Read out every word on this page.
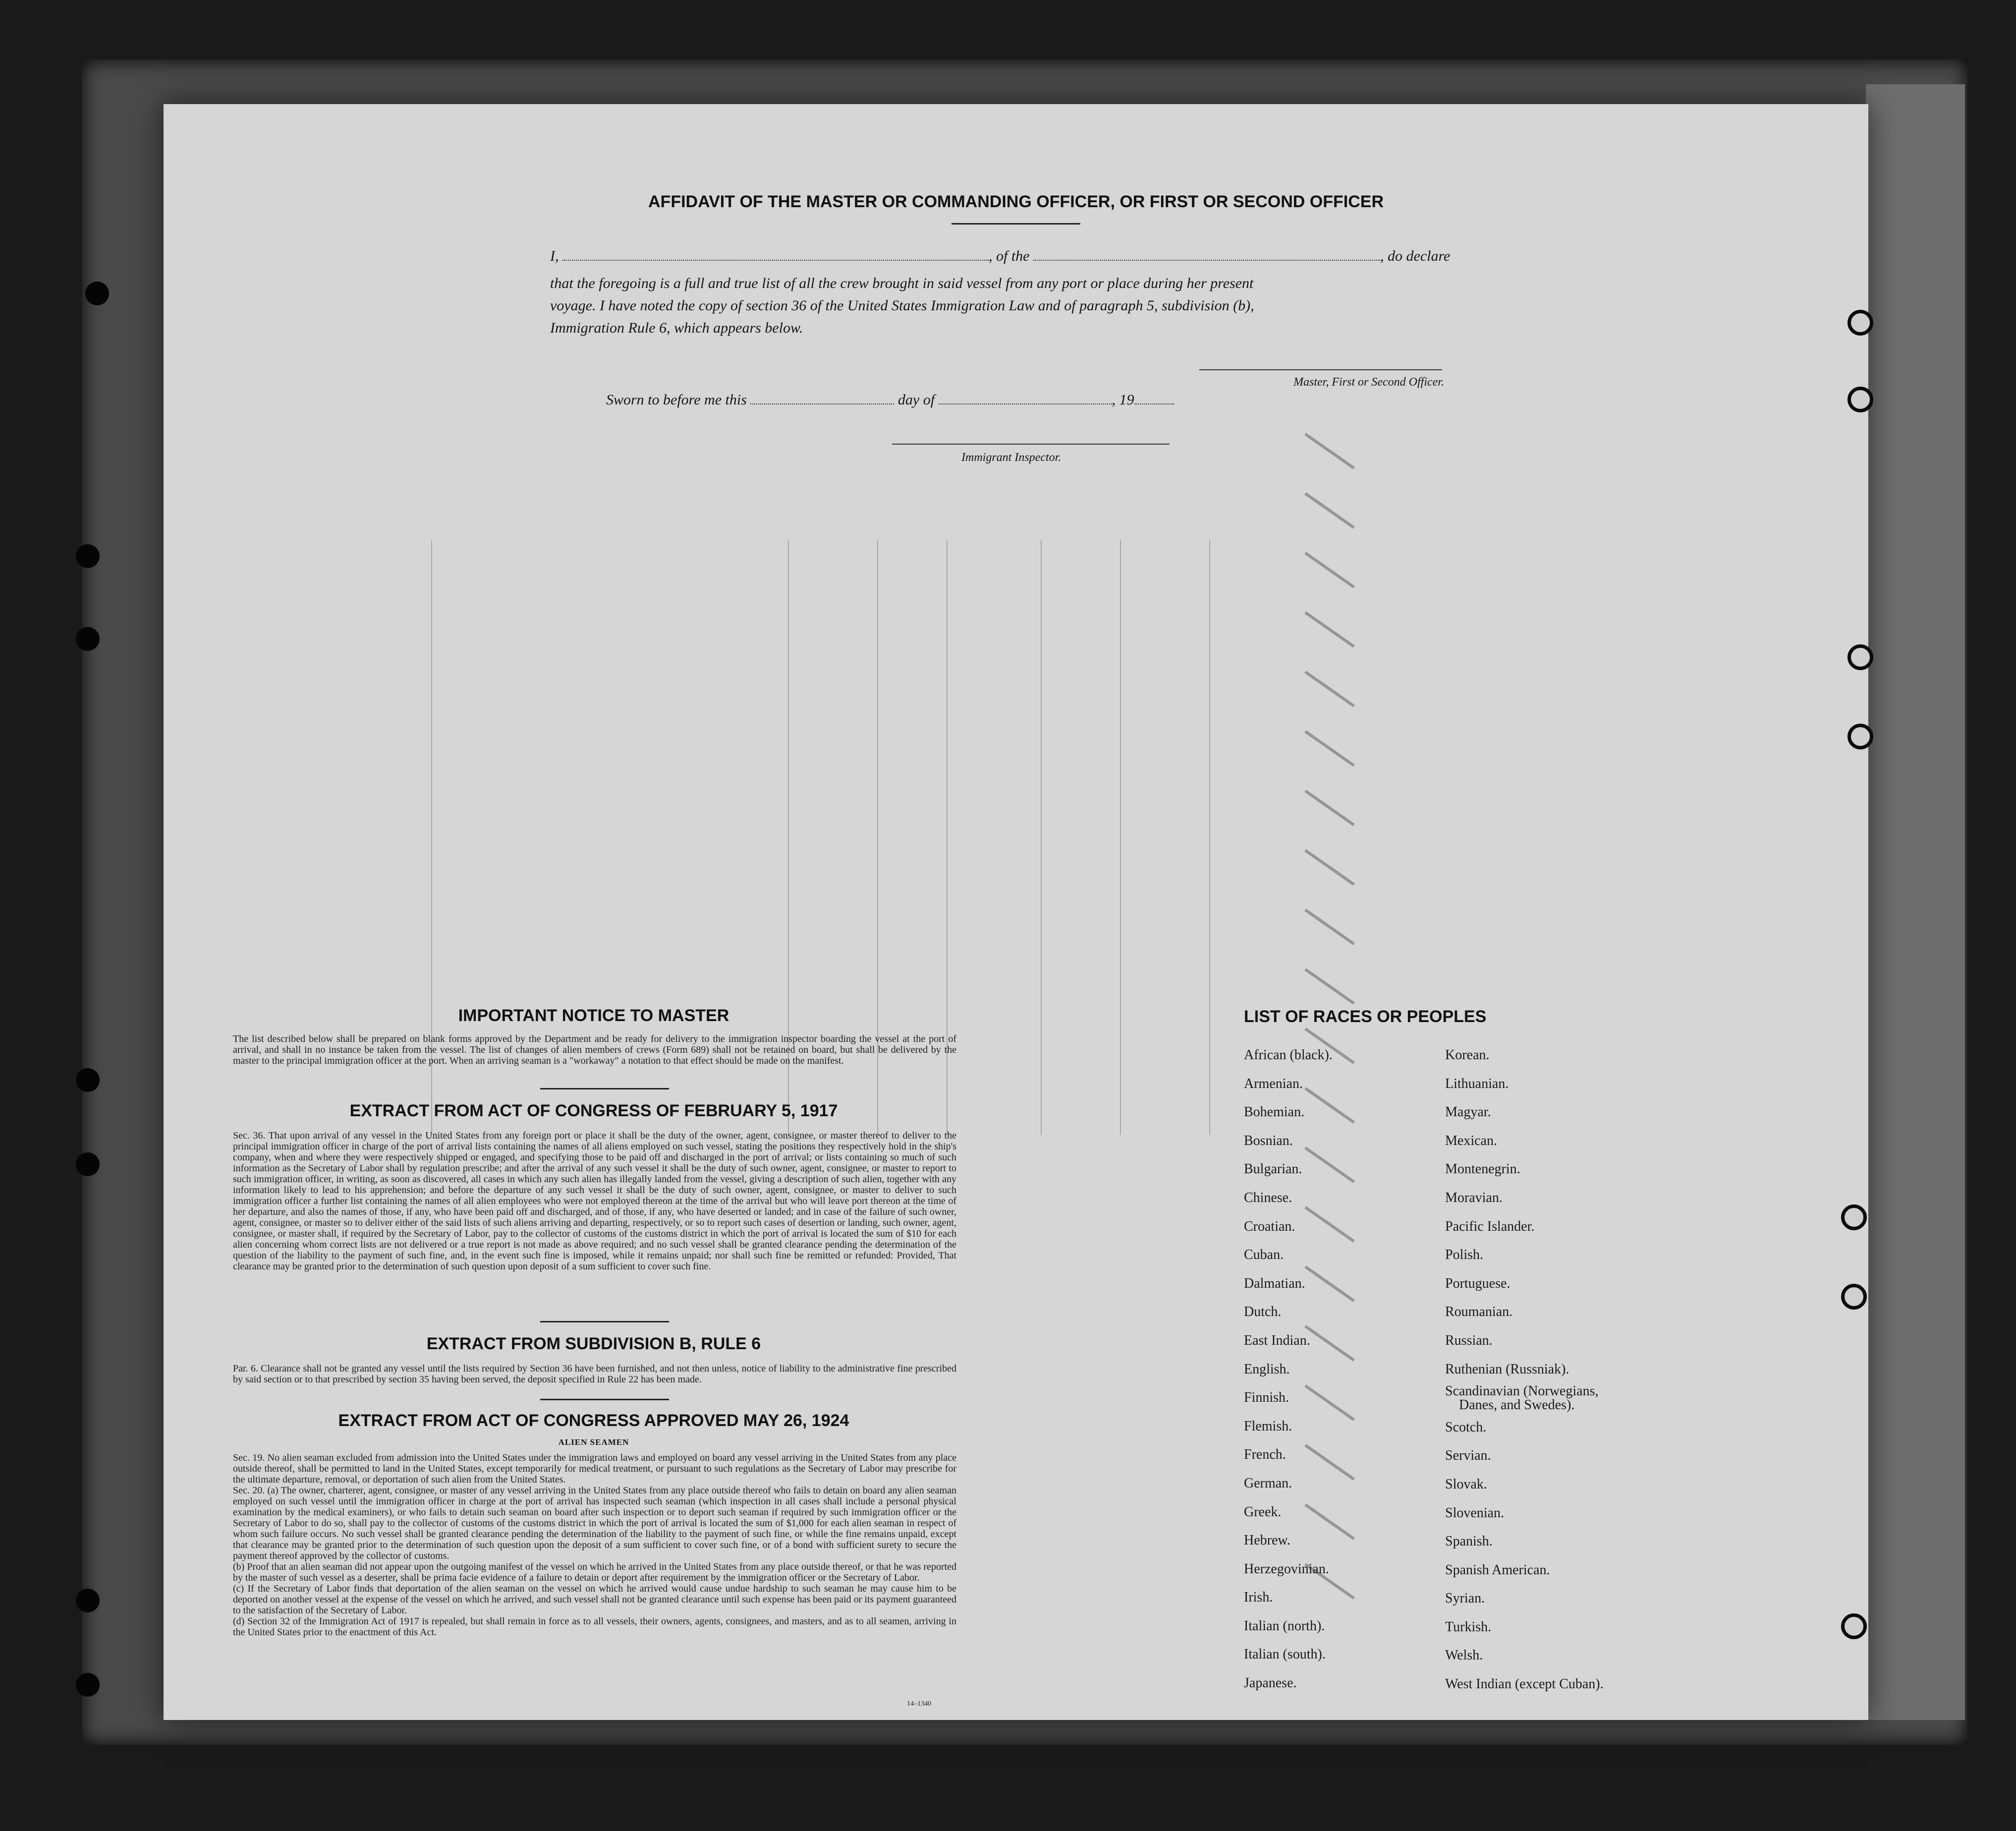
AFFIDAVIT OF THE MASTER OR COMMANDING OFFICER, OR FIRST OR SECOND OFFICER
I,	, of the	, do declare
that the foregoing is a full and true list of all the crew brought in said vessel from any port or place during her present
voyage. I have noted the copy of section 36 of the United States Immigration Law and of paragraph 5, subdivision (b),
Immigration Rule 6, which appears below.
Master, First or Second Officer.
Sworn to before me this	day of	, 19
Immigrant Inspector.
IMPORTANT NOTICE TO MASTER
The list described below shall be prepared on blank forms approved by the Department and be ready for delivery to the immigration inspector boarding the vessel at the port of arrival, and shall in no instance be taken from the vessel. The list of changes of alien members of crews (Form 689) shall not be retained on board, but shall be delivered by the master to the principal immigration officer at the port. When an arriving seaman is a "workaway" a notation to that effect should be made on the manifest.
EXTRACT FROM ACT OF CONGRESS OF FEBRUARY 5, 1917
Sec. 36. That upon arrival of any vessel in the United States from any foreign port or place it shall be the duty of the owner, agent, consignee, or master thereof to deliver to the principal immigration officer in charge of the port of arrival lists containing the names of all aliens employed on such vessel, stating the positions they respectively hold in the ship's company, when and where they were respectively shipped or engaged, and specifying those to be paid off and discharged in the port of arrival; or lists containing so much of such information as the Secretary of Labor shall by regulation prescribe; and after the arrival of any such vessel it shall be the duty of such owner, agent, consignee, or master to report to such immigration officer, in writing, as soon as discovered, all cases in which any such alien has illegally landed from the vessel, giving a description of such alien, together with any information likely to lead to his apprehension; and before the departure of any such vessel it shall be the duty of such owner, agent, consignee, or master to deliver to such immigration officer a further list containing the names of all alien employees who were not employed thereon at the time of the arrival but who will leave port thereon at the time of her departure, and also the names of those, if any, who have been paid off and discharged, and of those, if any, who have deserted or landed; and in case of the failure of such owner, agent, consignee, or master so to deliver either of the said lists of such aliens arriving and departing, respectively, or so to report such cases of desertion or landing, such owner, agent, consignee, or master shall, if required by the Secretary of Labor, pay to the collector of customs of the customs district in which the port of arrival is located the sum of $10 for each alien concerning whom correct lists are not delivered or a true report is not made as above required; and no such vessel shall be granted clearance pending the determination of the question of the liability to the payment of such fine, and, in the event such fine is imposed, while it remains unpaid; nor shall such fine be remitted or refunded: Provided, That clearance may be granted prior to the determination of such question upon deposit of a sum sufficient to cover such fine.
EXTRACT FROM SUBDIVISION B, RULE 6
Par. 6. Clearance shall not be granted any vessel until the lists required by Section 36 have been furnished, and not then unless, notice of liability to the administrative fine prescribed by said section or to that prescribed by section 35 having been served, the deposit specified in Rule 22 has been made.
EXTRACT FROM ACT OF CONGRESS APPROVED MAY 26, 1924
ALIEN SEAMEN
Sec. 19. No alien seaman excluded from admission into the United States under the immigration laws and employed on board any vessel arriving in the United States from any place outside thereof, shall be permitted to land in the United States, except temporarily for medical treatment, or pursuant to such regulations as the Secretary of Labor may prescribe for the ultimate departure, removal, or deportation of such alien from the United States.
Sec. 20. (a) The owner, charterer, agent, consignee, or master of any vessel arriving in the United States from any place outside thereof who fails to detain on board any alien seaman employed on such vessel until the immigration officer in charge at the port of arrival has inspected such seaman (which inspection in all cases shall include a personal physical examination by the medical examiners), or who fails to detain such seaman on board after such inspection or to deport such seaman if required by such immigration officer or the Secretary of Labor to do so, shall pay to the collector of customs of the customs district in which the port of arrival is located the sum of $1,000 for each alien seaman in respect of whom such failure occurs. No such vessel shall be granted clearance pending the determination of the liability to the payment of such fine, or while the fine remains unpaid, except that clearance may be granted prior to the determination of such question upon the deposit of a sum sufficient to cover such fine, or of a bond with sufficient surety to secure the payment thereof approved by the collector of customs.
(b) Proof that an alien seaman did not appear upon the outgoing manifest of the vessel on which he arrived in the United States from any place outside thereof, or that he was reported by the master of such vessel as a deserter, shall be prima facie evidence of a failure to detain or deport after requirement by the immigration officer or the Secretary of Labor.
(c) If the Secretary of Labor finds that deportation of the alien seaman on the vessel on which he arrived would cause undue hardship to such seaman he may cause him to be deported on another vessel at the expense of the vessel on which he arrived, and such vessel shall not be granted clearance until such expense has been paid or its payment guaranteed to the satisfaction of the Secretary of Labor.
(d) Section 32 of the Immigration Act of 1917 is repealed, but shall remain in force as to all vessels, their owners, agents, consignees, and masters, and as to all seamen, arriving in the United States prior to the enactment of this Act.
14–1340
LIST OF RACES OR PEOPLES
African (black).
Armenian.
Bohemian.
Bosnian.
Bulgarian.
Chinese.
Croatian.
Cuban.
Dalmatian.
Dutch.
East Indian.
English.
Finnish.
Flemish.
French.
German.
Greek.
Hebrew.
Herzegovinian.
Irish.
Italian (north).
Italian (south).
Japanese.
Korean.
Lithuanian.
Magyar.
Mexican.
Montenegrin.
Moravian.
Pacific Islander.
Polish.
Portuguese.
Roumanian.
Russian.
Ruthenian (Russniak).
Scandinavian (Norwegians,
Danes, and Swedes).
Scotch.
Servian.
Slovak.
Slovenian.
Spanish.
Spanish American.
Syrian.
Turkish.
Welsh.
West Indian (except Cuban).
